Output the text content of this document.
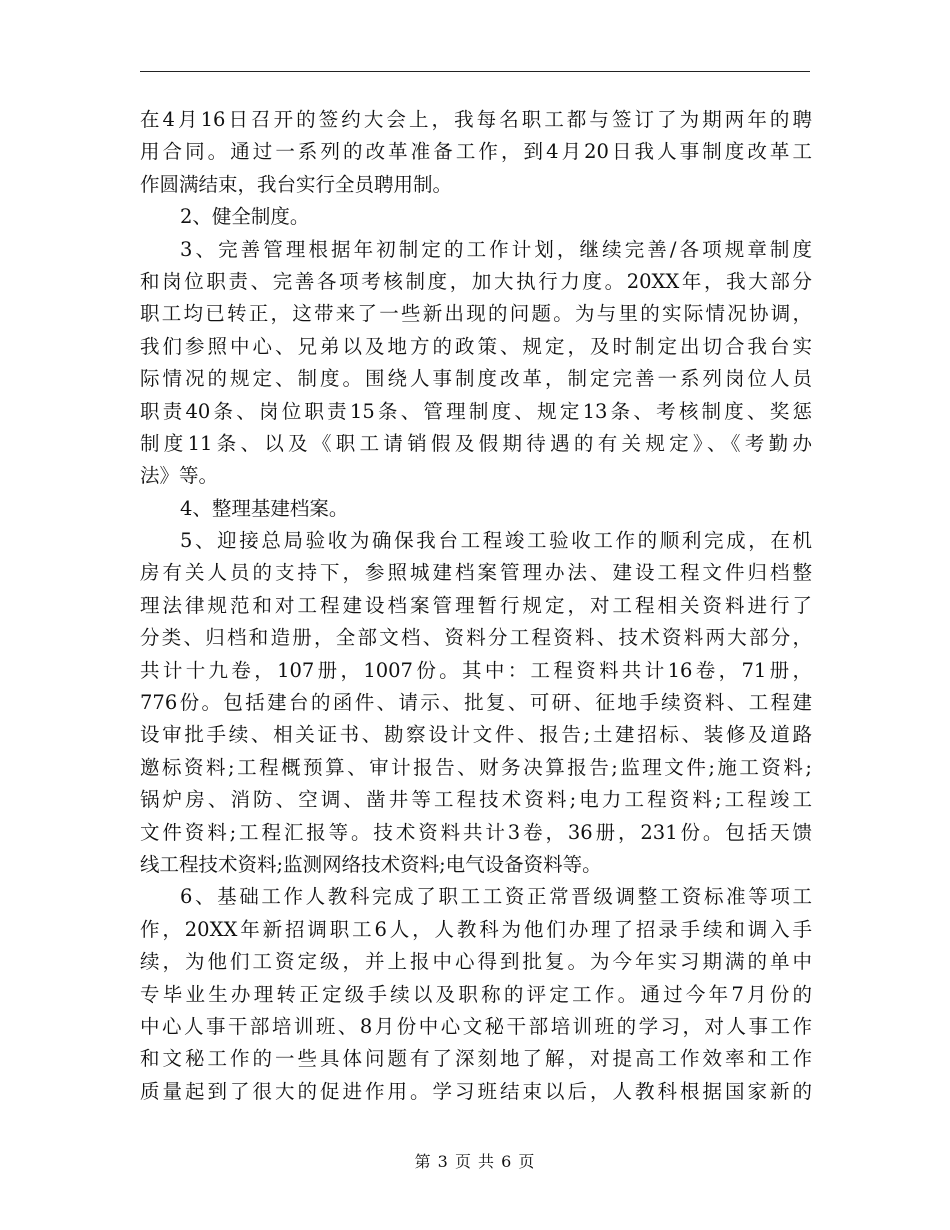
在4月16日召开的签约大会上，我每名职工都与签订了为期两年的聘
用合同。通过一系列的改革准备工作，到4月20日我人事制度改革工
作圆满结束，我台实行全员聘用制。
2、健全制度。
3、完善管理根据年初制定的工作计划，继续完善/各项规章制度
和岗位职责、完善各项考核制度，加大执行力度。20XX年，我大部分
职工均已转正，这带来了一些新出现的问题。为与里的实际情况协调，
我们参照中心、兄弟以及地方的政策、规定，及时制定出切合我台实
际情况的规定、制度。围绕人事制度改革，制定完善一系列岗位人员
职责40条、岗位职责15条、管理制度、规定13条、考核制度、奖惩
制度11条、以及《职工请销假及假期待遇的有关规定》、《考勤办
法》等。
4、整理基建档案。
5、迎接总局验收为确保我台工程竣工验收工作的顺利完成，在机
房有关人员的支持下，参照城建档案管理办法、建设工程文件归档整
理法律规范和对工程建设档案管理暂行规定，对工程相关资料进行了
分类、归档和造册，全部文档、资料分工程资料、技术资料两大部分，
共计十九卷，107册，1007份。其中：工程资料共计16卷，71册，
776份。包括建台的函件、请示、批复、可研、征地手续资料、工程建
设审批手续、相关证书、勘察设计文件、报告;土建招标、装修及道路
邀标资料;工程概预算、审计报告、财务决算报告;监理文件;施工资料;
锅炉房、消防、空调、凿井等工程技术资料;电力工程资料;工程竣工
文件资料;工程汇报等。技术资料共计3卷，36册，231份。包括天馈
线工程技术资料;监测网络技术资料;电气设备资料等。
6、基础工作人教科完成了职工工资正常晋级调整工资标准等项工
作，20XX年新招调职工6人，人教科为他们办理了招录手续和调入手
续，为他们工资定级，并上报中心得到批复。为今年实习期满的单中
专毕业生办理转正定级手续以及职称的评定工作。通过今年7月份的
中心人事干部培训班、8月份中心文秘干部培训班的学习，对人事工作
和文秘工作的一些具体问题有了深刻地了解，对提高工作效率和工作
质量起到了很大的促进作用。学习班结束以后，人教科根据国家新的
第 3 页 共 6 页
